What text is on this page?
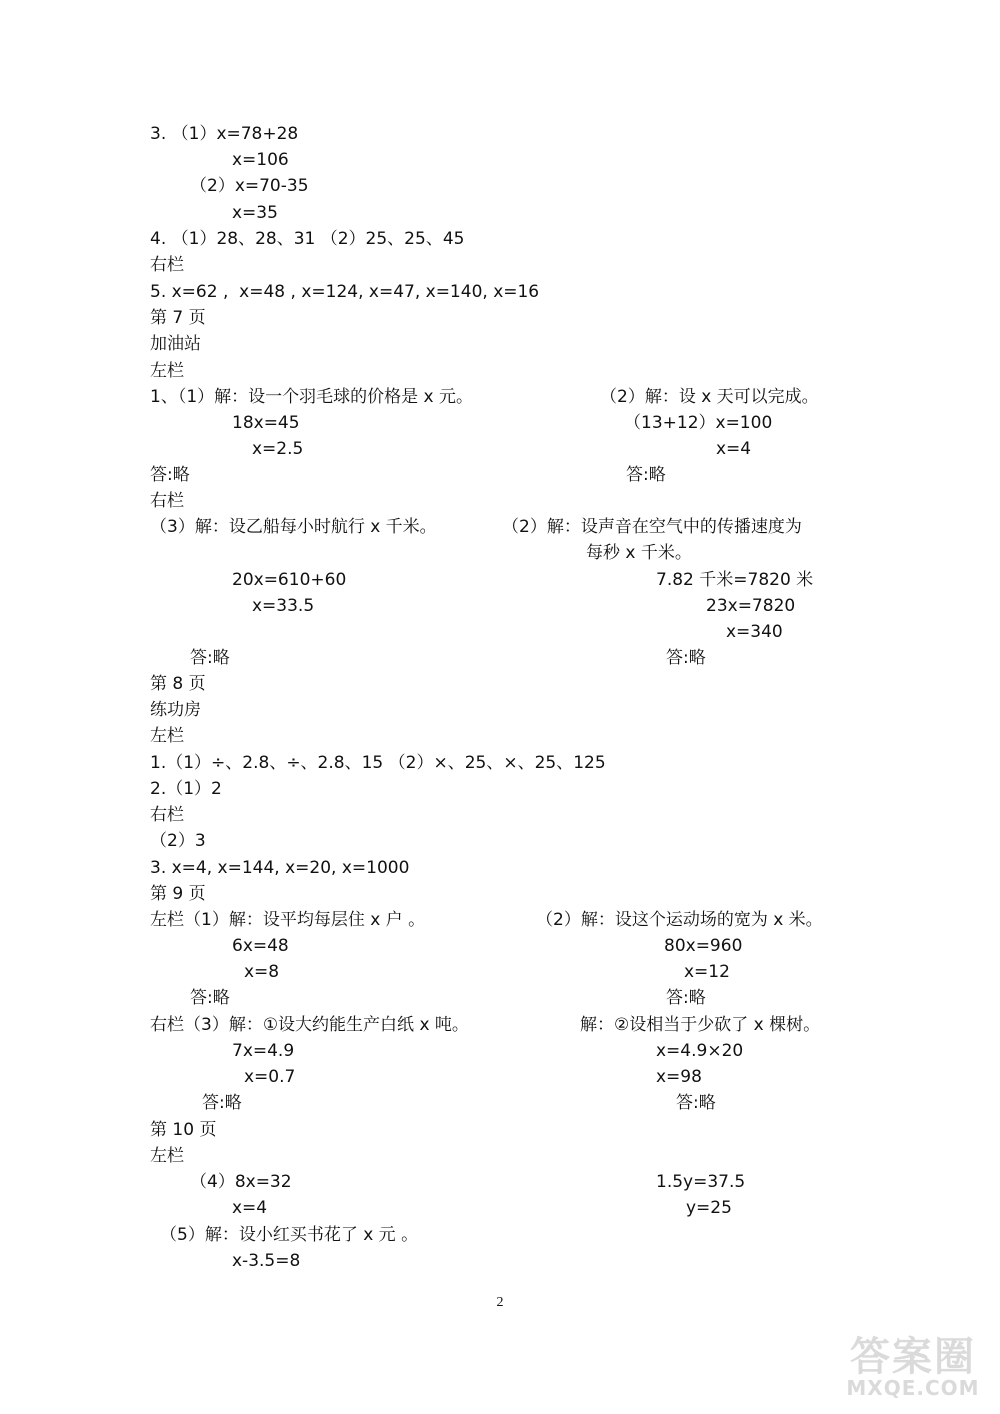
3. （1）x=78+28
x=106
（2）x=70-35
x=35
4. （1）28、28、31 （2）25、25、45
右栏
5. x=62 ,  x=48 , x=124, x=47, x=140, x=16
第 7 页
加油站
左栏
1、（1）解：设一个羽毛球的价格是 x 元。	（2）解：设 x 天可以完成。
18x=45	（13+12）x=100
x=2.5	x=4
答:略	答:略
右栏
（3）解：设乙船每小时航行 x 千米。	（2）解：设声音在空气中的传播速度为
每秒 x 千米。
20x=610+60	7.82 千米=7820 米
x=33.5	23x=7820
x=340
答:略	答:略
第 8 页
练功房
左栏
1.（1）÷、2.8、÷、2.8、15 （2）×、25、×、25、125
2.（1）2
右栏
（2）3
3. x=4, x=144, x=20, x=1000
第 9 页
左栏（1）解：设平均每层住 x 户 。	（2）解：设这个运动场的宽为 x 米。
6x=48	80x=960
x=8	x=12
答:略	答:略
右栏（3）解：①设大约能生产白纸 x 吨。	解：②设相当于少砍了 x 棵树。
7x=4.9	x=4.9×20
x=0.7	x=98
答:略	答:略
第 10 页
左栏
（4）8x=32	1.5y=37.5
x=4	y=25
（5）解：设小红买书花了 x 元 。
x-3.5=8
2
答案圈
MXQE.COM
